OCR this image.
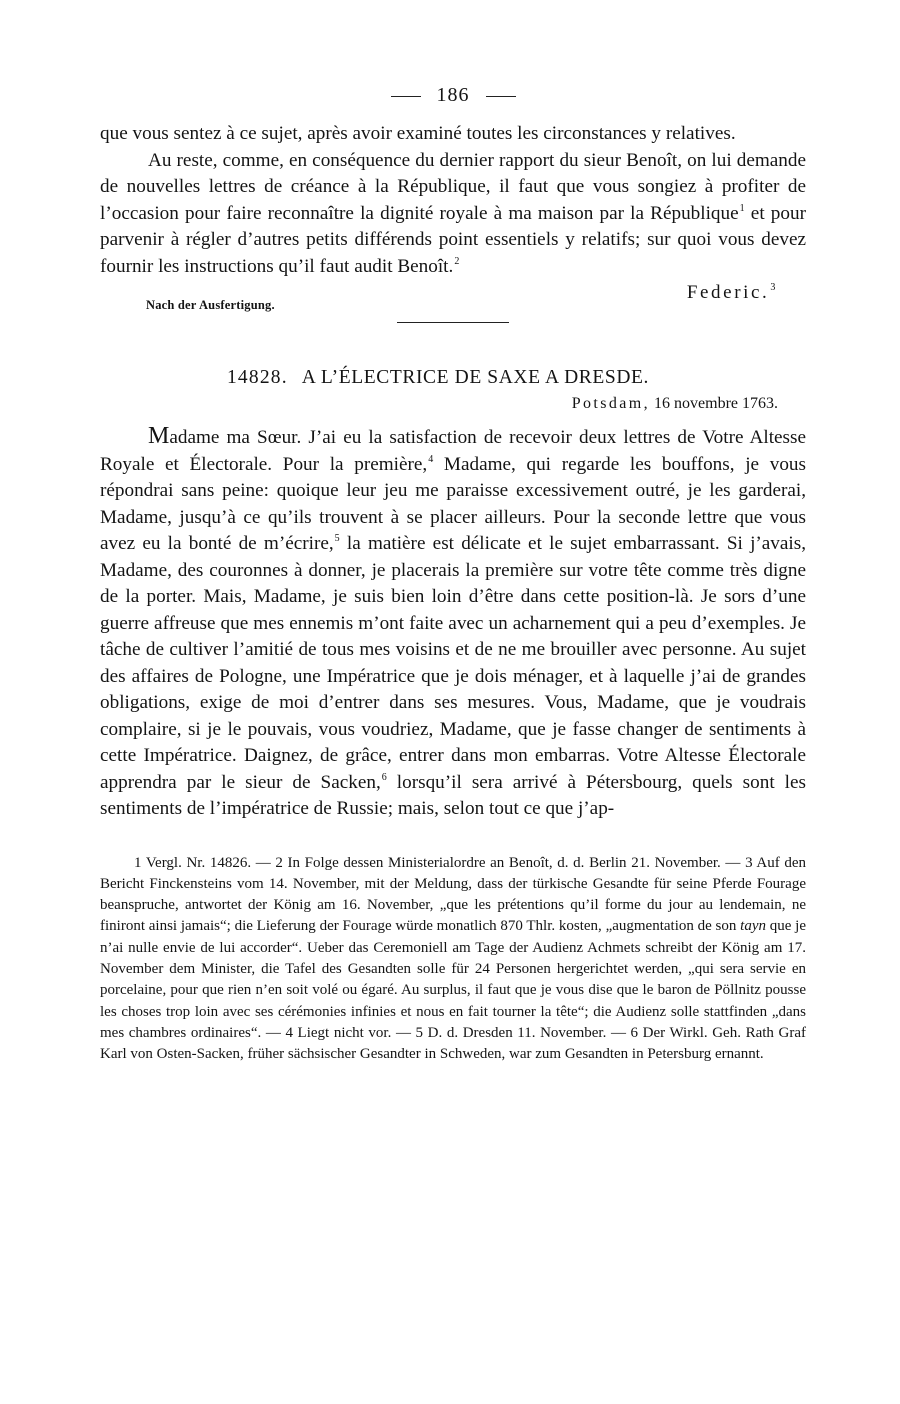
186

que vous sentez à ce sujet, après avoir examiné toutes les circonstances y relatives.

Au reste, comme, en conséquence du dernier rapport du sieur Benoît, on lui demande de nouvelles lettres de créance à la République, il faut que vous songiez à profiter de l’occasion pour faire reconnaître la dignité royale à ma maison par la République$^1$ et pour parvenir à régler d’autres petits différends point essentiels y relatifs; sur quoi vous devez fournir les instructions qu’il faut audit Benoît.$^2$

Nach der Ausfertigung.
Federic.$^3$
14828. A L’ÉLECTRICE DE SAXE A DRESDE.
Potsdam, 16 novembre 1763.

Madame ma Sœur. J’ai eu la satisfaction de recevoir deux lettres de Votre Altesse Royale et Électorale. Pour la première,$^4$ Madame, qui regarde les bouffons, je vous répondrai sans peine: quoique leur jeu me paraisse excessivement outré, je les garderai, Madame, jusqu’à ce qu’ils trouvent à se placer ailleurs. Pour la seconde lettre que vous avez eu la bonté de m’écrire,$^5$ la matière est délicate et le sujet embarrassant. Si j’avais, Madame, des couronnes à donner, je placerais la première sur votre tête comme très digne de la porter. Mais, Madame, je suis bien loin d’être dans cette position-là. Je sors d’une guerre affreuse que mes ennemis m’ont faite avec un acharnement qui a peu d’exemples. Je tâche de cultiver l’amitié de tous mes voisins et de ne me brouiller avec personne. Au sujet des affaires de Pologne, une Impératrice que je dois ménager, et à laquelle j’ai de grandes obligations, exige de moi d’entrer dans ses mesures. Vous, Madame, que je voudrais complaire, si je le pouvais, vous voudriez, Madame, que je fasse changer de sentiments à cette Impératrice. Daignez, de grâce, entrer dans mon embarras. Votre Altesse Électorale apprendra par le sieur de Sacken,$^6$ lorsqu’il sera arrivé à Pétersbourg, quels sont les sentiments de l’impératrice de Russie; mais, selon tout ce que j’ap-

1 Vergl. Nr. 14826. — 2 In Folge dessen Ministerialordre an Benoît, d. d. Berlin 21. November. — 3 Auf den Bericht Finckensteins vom 14. November, mit der Meldung, dass der türkische Gesandte für seine Pferde Fourage beanspruche, antwortet der König am 16. November, „que les prétentions qu’il forme du jour au lendemain, ne finiront ainsi jamais“; die Lieferung der Fourage würde monatlich 870 Thlr. kosten, „augmentation de son tayn que je n’ai nulle envie de lui accorder“. Ueber das Ceremoniell am Tage der Audienz Achmets schreibt der König am 17. November dem Minister, die Tafel des Gesandten solle für 24 Personen hergerichtet werden, „qui sera servie en porcelaine, pour que rien n’en soit volé ou égaré. Au surplus, il faut que je vous dise que le baron de Pöllnitz pousse les choses trop loin avec ses cérémonies infinies et nous en fait tourner la tête“; die Audienz solle stattfinden „dans mes chambres ordinaires“. — 4 Liegt nicht vor. — 5 D. d. Dresden 11. November. — 6 Der Wirkl. Geh. Rath Graf Karl von Osten-Sacken, früher sächsischer Gesandter in Schweden, war zum Gesandten in Petersburg ernannt.
